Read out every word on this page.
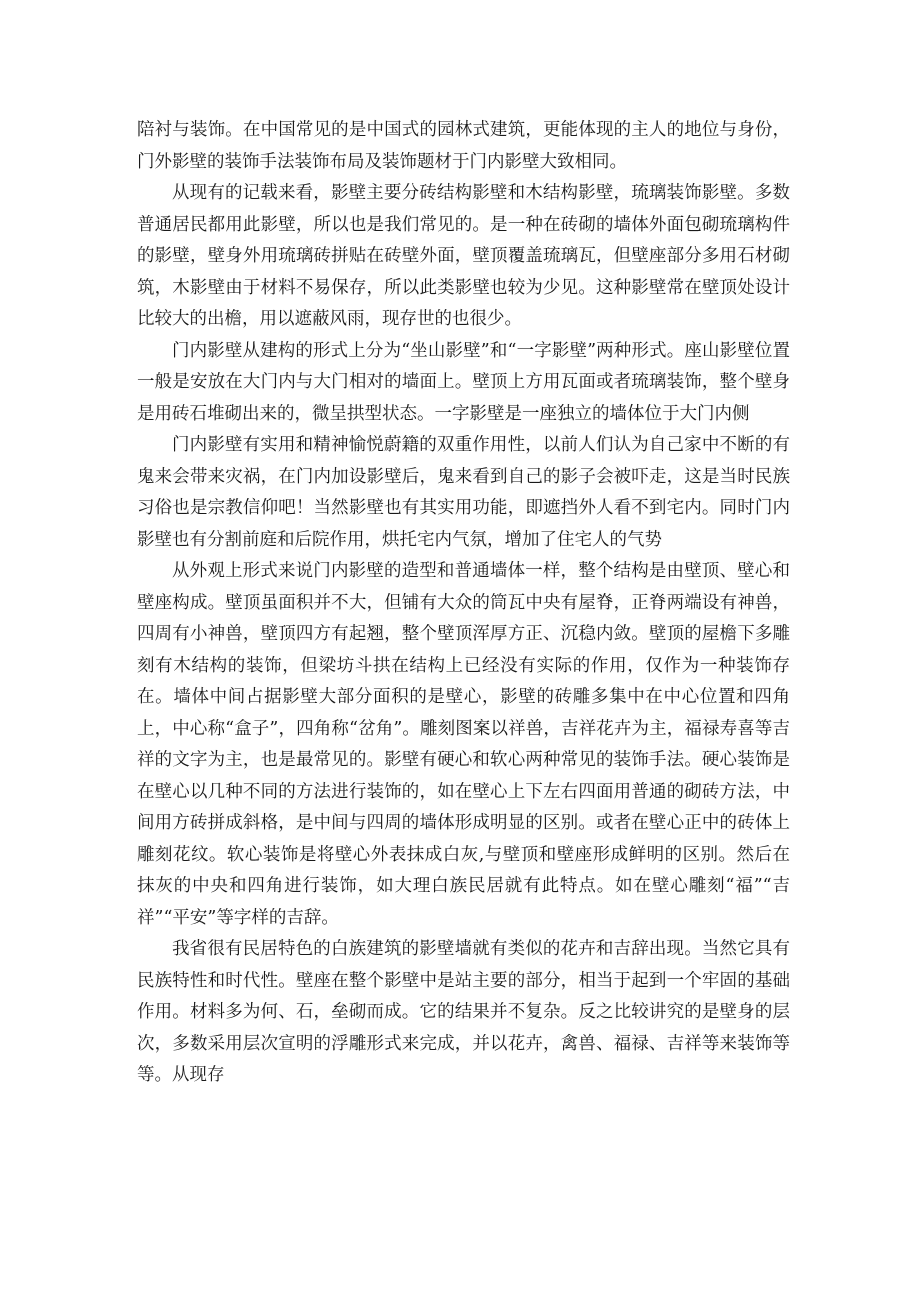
陪衬与装饰。在中国常见的是中国式的园林式建筑，更能体现的主人的地位与身份，门外影壁的装饰手法装饰布局及装饰题材于门内影壁大致相同。

从现有的记载来看，影壁主要分砖结构影壁和木结构影壁，琉璃装饰影壁。多数普通居民都用此影壁，所以也是我们常见的。是一种在砖砌的墙体外面包砌琉璃构件的影壁，壁身外用琉璃砖拼贴在砖壁外面，壁顶覆盖琉璃瓦，但壁座部分多用石材砌筑，木影壁由于材料不易保存，所以此类影壁也较为少见。这种影壁常在壁顶处设计比较大的出檐，用以遮蔽风雨，现存世的也很少。

门内影壁从建构的形式上分为“坐山影壁”和“一字影壁”两种形式。座山影壁位置一般是安放在大门内与大门相对的墙面上。壁顶上方用瓦面或者琉璃装饰，整个壁身是用砖石堆砌出来的，微呈拱型状态。一字影壁是一座独立的墙体位于大门内侧

门内影壁有实用和精神愉悦蔚籍的双重作用性，以前人们认为自己家中不断的有鬼来会带来灾祸，在门内加设影壁后，鬼来看到自己的影子会被吓走，这是当时民族习俗也是宗教信仰吧！当然影壁也有其实用功能，即遮挡外人看不到宅内。同时门内影壁也有分割前庭和后院作用，烘托宅内气氛，增加了住宅人的气势

从外观上形式来说门内影壁的造型和普通墙体一样，整个结构是由壁顶、壁心和壁座构成。壁顶虽面积并不大，但铺有大众的筒瓦中央有屋脊，正脊两端设有神兽，四周有小神兽，壁顶四方有起翘，整个壁顶浑厚方正、沉稳内敛。壁顶的屋檐下多雕刻有木结构的装饰，但梁坊斗拱在结构上已经没有实际的作用，仅作为一种装饰存在。墙体中间占据影壁大部分面积的是壁心，影壁的砖雕多集中在中心位置和四角上，中心称“盒子”，四角称“岔角”。雕刻图案以祥兽，吉祥花卉为主，福禄寿喜等吉祥的文字为主，也是最常见的。影壁有硬心和软心两种常见的装饰手法。硬心装饰是在壁心以几种不同的方法进行装饰的，如在壁心上下左右四面用普通的砌砖方法，中间用方砖拼成斜格，是中间与四周的墙体形成明显的区别。或者在壁心正中的砖体上雕刻花纹。软心装饰是将壁心外表抹成白灰,与壁顶和壁座形成鲜明的区别。然后在抹灰的中央和四角进行装饰，如大理白族民居就有此特点。如在壁心雕刻“福”“吉祥”“平安”等字样的吉辞。

我省很有民居特色的白族建筑的影壁墙就有类似的花卉和吉辞出现。当然它具有民族特性和时代性。壁座在整个影壁中是站主要的部分，相当于起到一个牢固的基础作用。材料多为何、石，垒砌而成。它的结果并不复杂。反之比较讲究的是壁身的层次，多数采用层次宣明的浮雕形式来完成，并以花卉，禽兽、福禄、吉祥等来装饰等等。从现存
